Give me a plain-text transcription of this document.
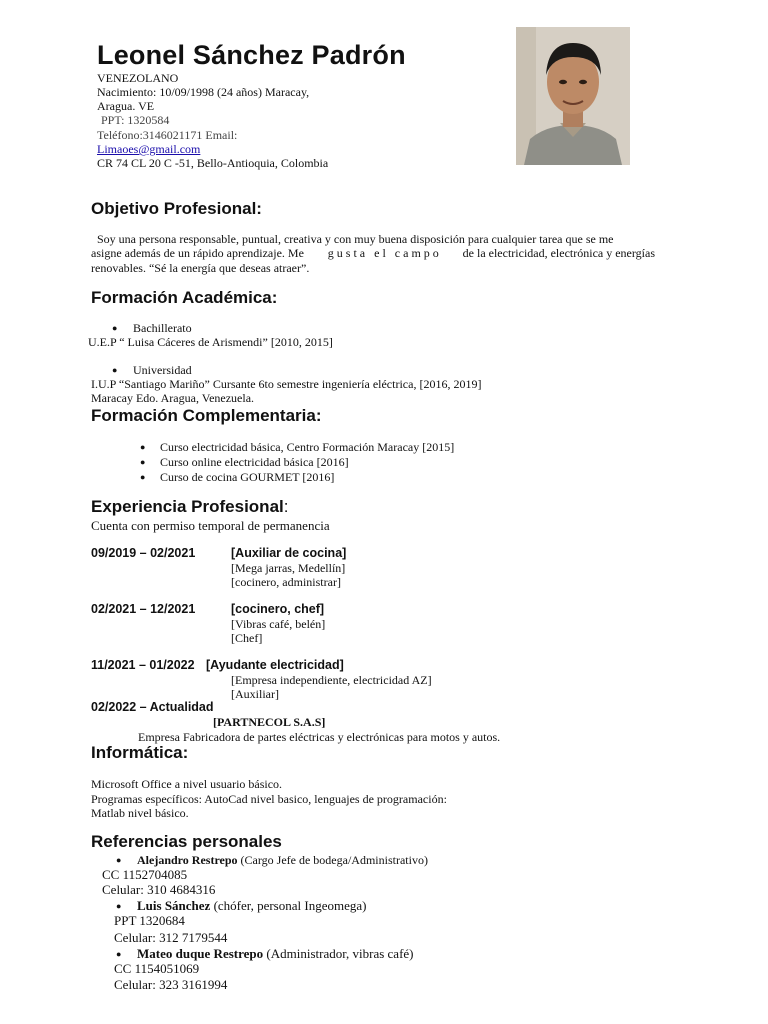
Leonel Sánchez Padrón
VENEZOLANO
Nacimiento: 10/09/1998 (24 años) Maracay,
Aragua. VE
PPT: 1320584
Teléfono:3146021171 Email:
Limaoes@gmail.com
CR 74 CL 20 C -51, Bello-Antioquia, Colombia
Objetivo Profesional:
Soy una persona responsable, puntual, creativa y con muy buena disposición para cualquier tarea que se me
asigne además de un rápido aprendizaje. Me g u s t a   e l   c a m p o de la electricidad, electrónica y energías
renovables. “Sé la energía que deseas atraer”.
Formación Académica:
● Bachillerato
U.E.P “ Luisa Cáceres de Arismendi” [2010, 2015]
● Universidad
I.U.P “Santiago Mariño” Cursante 6to semestre ingeniería eléctrica, [2016, 2019]
Maracay Edo. Aragua, Venezuela.
Formación Complementaria:
● Curso electricidad básica, Centro Formación Maracay [2015]
● Curso online electricidad básica [2016]
● Curso de cocina GOURMET [2016]
Experiencia Profesional:
Cuenta con permiso temporal de permanencia
09/2019 – 02/2021	[Auxiliar de cocina]
[Mega jarras, Medellín]
[cocinero, administrar]
02/2021 – 12/2021	[cocinero, chef]
[Vibras café, belén]
[Chef]
11/2021 – 01/2022 [Ayudante electricidad]
[Empresa independiente, electricidad AZ]
[Auxiliar]
02/2022 – Actualidad
[PARTNECOL S.A.S]
Empresa Fabricadora de partes eléctricas y electrónicas para motos y autos.
Informática:
Microsoft Office a nivel usuario básico.
Programas específicos: AutoCad nivel basico, lenguajes de programación:
Matlab nivel básico.
Referencias personales
● Alejandro Restrepo (Cargo Jefe de bodega/Administrativo)
CC 1152704085
Celular: 310 4684316
● Luis Sánchez (chófer, personal Ingeomega)
PPT 1320684
Celular: 312 7179544
● Mateo duque Restrepo (Administrador, vibras café)
CC 1154051069
Celular: 323 3161994
